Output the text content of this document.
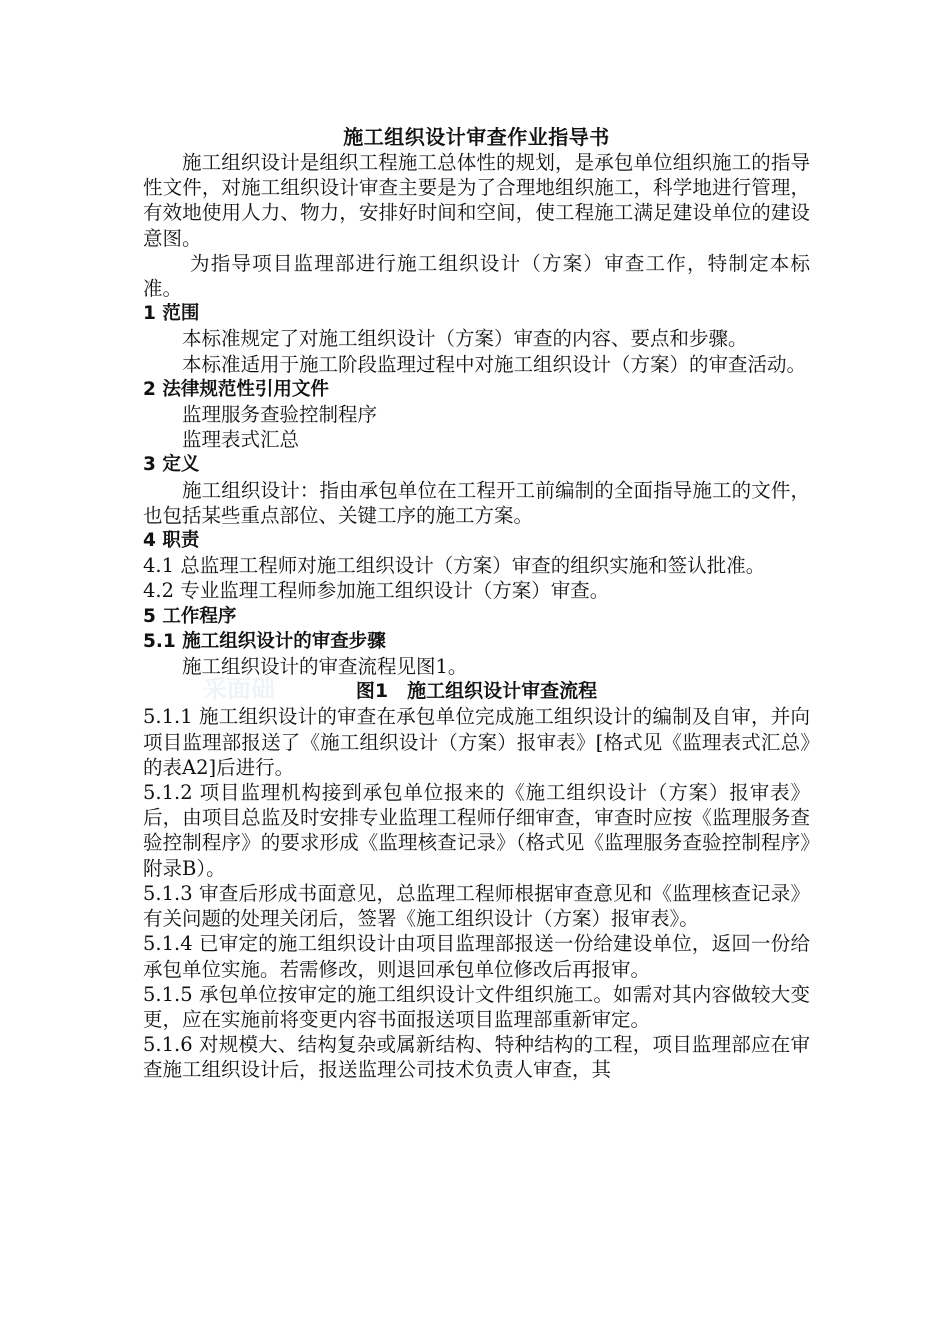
施工组织设计审查作业指导书

施工组织设计是组织工程施工总体性的规划，是承包单位组织施工的指导性文件，对施工组织设计审查主要是为了合理地组织施工，科学地进行管理，有效地使用人力、物力，安排好时间和空间，使工程施工满足建设单位的建设意图。

为指导项目监理部进行施工组织设计（方案）审查工作，特制定本标准。

1 范围

本标准规定了对施工组织设计（方案）审查的内容、要点和步骤。

本标准适用于施工阶段监理过程中对施工组织设计（方案）的审查活动。

2 法律规范性引用文件

监理服务查验控制程序

监理表式汇总

3 定义

施工组织设计：指由承包单位在工程开工前编制的全面指导施工的文件，也包括某些重点部位、关键工序的施工方案。

4 职责

4.1 总监理工程师对施工组织设计（方案）审查的组织实施和签认批准。

4.2 专业监理工程师参加施工组织设计（方案）审查。

5 工作程序
5.1 施工组织设计的审查步骤

施工组织设计的审查流程见图1。

采面础	图1　施工组织设计审查流程

5.1.1 施工组织设计的审查在承包单位完成施工组织设计的编制及自审，并向项目监理部报送了《施工组织设计（方案）报审表》[格式见《监理表式汇总》的表A2]后进行。

5.1.2 项目监理机构接到承包单位报来的《施工组织设计（方案）报审表》后，由项目总监及时安排专业监理工程师仔细审查，审查时应按《监理服务查验控制程序》的要求形成《监理核查记录》（格式见《监理服务查验控制程序》附录B）。

5.1.3 审查后形成书面意见，总监理工程师根据审查意见和《监理核查记录》有关问题的处理关闭后，签署《施工组织设计（方案）报审表》。

5.1.4 已审定的施工组织设计由项目监理部报送一份给建设单位，返回一份给承包单位实施。若需修改，则退回承包单位修改后再报审。

5.1.5 承包单位按审定的施工组织设计文件组织施工。如需对其内容做较大变更，应在实施前将变更内容书面报送项目监理部重新审定。

5.1.6 对规模大、结构复杂或属新结构、特种结构的工程，项目监理部应在审查施工组织设计后，报送监理公司技术负责人审查，其
